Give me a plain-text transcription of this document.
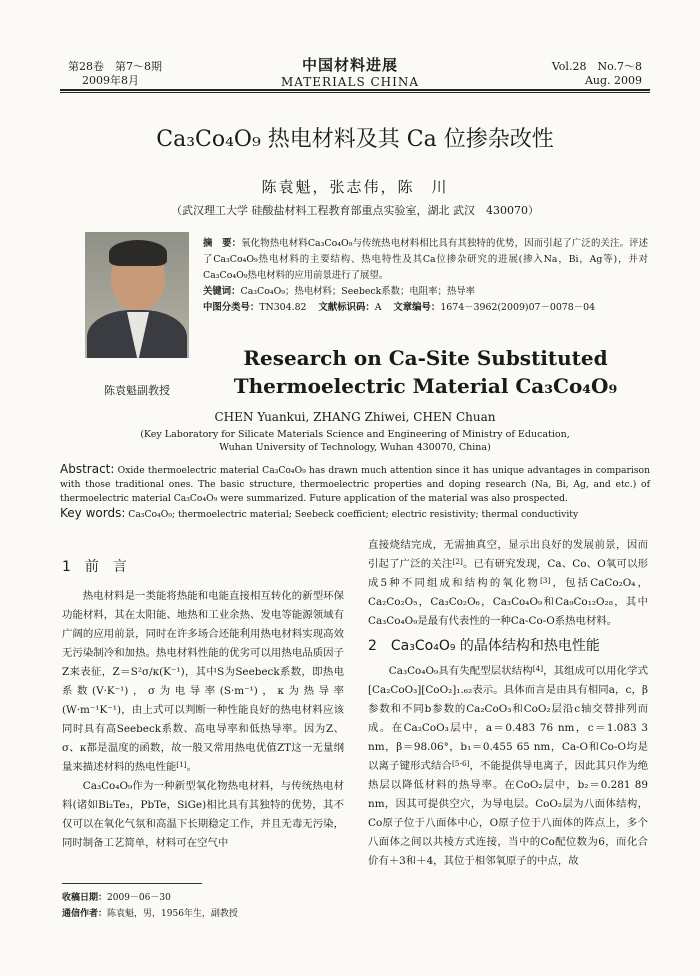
第28卷　第7～8期
2009年8月
中国材料进展
MATERIALS CHINA
Vol.28　No.7～8
Aug. 2009
Ca₃Co₄O₉ 热电材料及其 Ca 位掺杂改性
陈袁魁，张志伟，陈　川
（武汉理工大学 硅酸盐材料工程教育部重点实验室，湖北 武汉　430070）
陈袁魁副教授
摘　要：氧化物热电材料Ca₃Co₄O₉与传统热电材料相比具有其独特的优势，因而引起了广泛的关注。评述了Ca₃Co₄O₉热电材料的主要结构、热电特性及其Ca位掺杂研究的进展(掺入Na，Bi，Ag等)，并对Ca₃Co₄O₉热电材料的应用前景进行了展望。
关键词：Ca₃Co₄O₉；热电材料；Seebeck系数；电阻率；热导率
中图分类号：TN304.82 文献标识码：A 文章编号：1674－3962(2009)07－0078－04
Research on Ca-Site Substituted
Thermoelectric Material Ca₃Co₄O₉
CHEN Yuankui, ZHANG Zhiwei, CHEN Chuan
(Key Laboratory for Silicate Materials Science and Engineering of Ministry of Education,
Wuhan University of Technology, Wuhan 430070, China)
Abstract: Oxide thermoelectric material Ca₃Co₄O₉ has drawn much attention since it has unique advantages in comparison with those traditional ones. The basic structure, thermoelectric properties and doping research (Na, Bi, Ag, and etc.) of thermoelectric material Ca₃Co₄O₉ were summarized. Future application of the material was also prospected.
Key words: Ca₃Co₄O₉; thermoelectric material; Seebeck coefficient; electric resistivity; thermal conductivity
1　前　言

热电材料是一类能将热能和电能直接相互转化的新型环保功能材料，其在太阳能、地热和工业余热、发电等能源领域有广阔的应用前景，同时在许多场合还能利用热电材料实现高效无污染制冷和加热。热电材料性能的优劣可以用热电品质因子Z来表征，Z＝S²σ/κ(K⁻¹)，其中S为Seebeck系数，即热电系数(V·K⁻¹)，σ为电导率(S·m⁻¹)，κ为热导率(W·m⁻¹K⁻¹)，由上式可以判断一种性能良好的热电材料应该同时具有高Seebeck系数、高电导率和低热导率。因为Z、σ、κ都是温度的函数，故一般又常用热电优值ZT这一无量纲量来描述材料的热电性能[1]。

Ca₃Co₄O₉作为一种新型氧化物热电材料，与传统热电材料(诸如Bi₂Te₃，PbTe，SiGe)相比具有其独特的优势，其不仅可以在氧化气氛和高温下长期稳定工作，并且无毒无污染，同时制备工艺简单，材料可在空气中

直接烧结完成，无需抽真空，显示出良好的发展前景，因而引起了广泛的关注[2]。已有研究发现，Ca、Co、O氧可以形成5种不同组成和结构的氧化物[3]，包括CaCo₂O₄，Ca₂Co₂O₅，Ca₃Co₂O₆，Ca₃Co₄O₉和Ca₉Co₁₂O₂₈，其中Ca₃Co₄O₉是最有代表性的一种Ca-Co-O系热电材料。

2　Ca₃Co₄O₉ 的晶体结构和热电性能

Ca₃Co₄O₉具有失配型层状结构[4]，其组成可以用化学式[Ca₂CoO₃][CoO₂]₁.₆₂表示。具体而言是由具有相同a，c，β参数和不同b参数的Ca₂CoO₃和CoO₂层沿c轴交替排列而成。在Ca₂CoO₃层中，a＝0.483 76 nm，c＝1.083 3 nm，β＝98.06°，b₁＝0.455 65 nm，Ca-O和Co-O均是以离子键形式结合[5-6]，不能提供导电离子，因此其只作为绝热层以降低材料的热导率。在CoO₂层中，b₂＝0.281 89 nm，因其可提供空穴，为导电层。CoO₂层为八面体结构，Co原子位于八面体中心，O原子位于八面体的阵点上，多个八面体之间以共棱方式连接，当中的Co配位数为6，而化合价有＋3和＋4，其位于相邻氧原子的中点，故

收稿日期：2009－06－30
通信作者：陈袁魁，男，1956年生，副教授
